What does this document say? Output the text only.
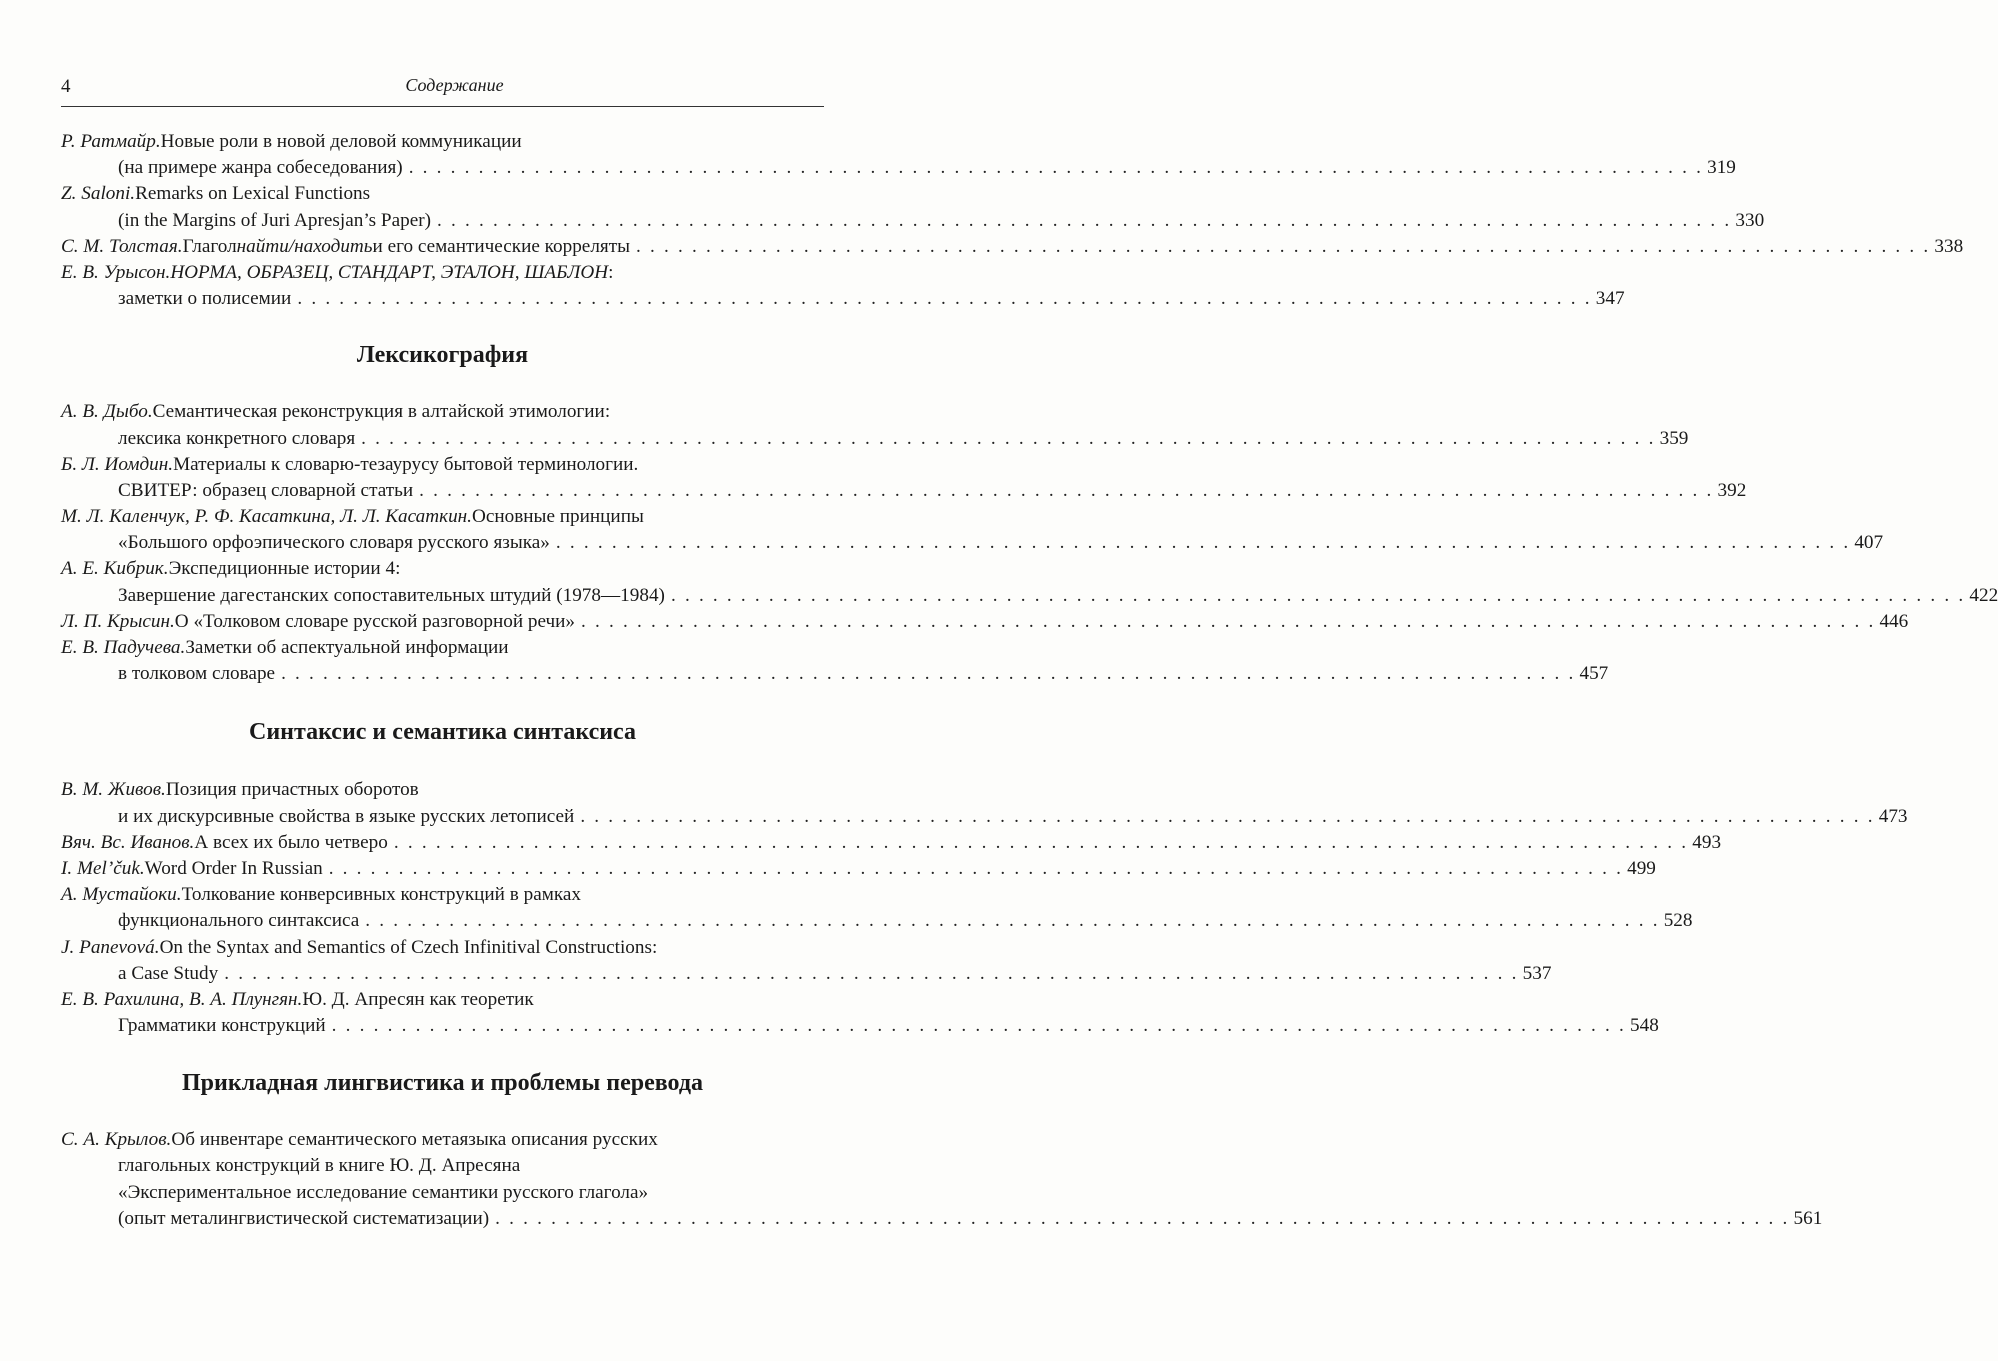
4	Содержание
Р. Ратмайр. Новые роли в новой деловой коммуникации
(на примере жанра собеседования) . . . . . . . . . . . . . . . . . . . . . . . . . . . . . . . . . . . . . . . . . . . . . . . . . . . . . . . . . . . . . . . . . . . . . . . . . . . . . . . . . . . . . . . . . . . . . 319
Z. Saloni. Remarks on Lexical Functions
(in the Margins of Juri Apresjan’s Paper) . . . . . . . . . . . . . . . . . . . . . . . . . . . . . . . . . . . . . . . . . . . . . . . . . . . . . . . . . . . . . . . . . . . . . . . . . . . . . . . . . . . . . . . . . . . . . 330
С. М. Толстая. Глагол найти/находить и его семантические корреляты . . . . . . . . . . . . . . . . . . . . . . . . . . . . . . . . . . . . . . . . . . . . . . . . . . . . . . . . . . . . . . . . . . . . . . . . . . . . . . . . . . . . . . . . . . . . . 338
Е. В. Урысон. НОРМА, ОБРАЗЕЦ, СТАНДАРТ, ЭТАЛОН, ШАБЛОН :
заметки о полисемии . . . . . . . . . . . . . . . . . . . . . . . . . . . . . . . . . . . . . . . . . . . . . . . . . . . . . . . . . . . . . . . . . . . . . . . . . . . . . . . . . . . . . . . . . . . . . 347
Лексикография
А. В. Дыбо. Семантическая реконструкция в алтайской этимологии:
лексика конкретного словаря . . . . . . . . . . . . . . . . . . . . . . . . . . . . . . . . . . . . . . . . . . . . . . . . . . . . . . . . . . . . . . . . . . . . . . . . . . . . . . . . . . . . . . . . . . . . . 359
Б. Л. Иомдин. Материалы к словарю-тезаурусу бытовой терминологии.
СВИТЕР: образец словарной статьи . . . . . . . . . . . . . . . . . . . . . . . . . . . . . . . . . . . . . . . . . . . . . . . . . . . . . . . . . . . . . . . . . . . . . . . . . . . . . . . . . . . . . . . . . . . . . 392
М. Л. Каленчук, Р. Ф. Касаткина, Л. Л. Касаткин. Основные принципы
«Большого орфоэпического словаря русского языка» . . . . . . . . . . . . . . . . . . . . . . . . . . . . . . . . . . . . . . . . . . . . . . . . . . . . . . . . . . . . . . . . . . . . . . . . . . . . . . . . . . . . . . . . . . . . . 407
А. Е. Кибрик. Экспедиционные истории 4:
Завершение дагестанских сопоставительных штудий (1978—1984) . . . . . . . . . . . . . . . . . . . . . . . . . . . . . . . . . . . . . . . . . . . . . . . . . . . . . . . . . . . . . . . . . . . . . . . . . . . . . . . . . . . . . . . . . . . . . 422
Л. П. Крысин. О «Толковом словаре русской разговорной речи» . . . . . . . . . . . . . . . . . . . . . . . . . . . . . . . . . . . . . . . . . . . . . . . . . . . . . . . . . . . . . . . . . . . . . . . . . . . . . . . . . . . . . . . . . . . . . 446
Е. В. Падучева. Заметки об аспектуальной информации
в толковом словаре . . . . . . . . . . . . . . . . . . . . . . . . . . . . . . . . . . . . . . . . . . . . . . . . . . . . . . . . . . . . . . . . . . . . . . . . . . . . . . . . . . . . . . . . . . . . . 457
Синтаксис и семантика синтаксиса
В. М. Живов. Позиция причастных оборотов
и их дискурсивные свойства в языке русских летописей . . . . . . . . . . . . . . . . . . . . . . . . . . . . . . . . . . . . . . . . . . . . . . . . . . . . . . . . . . . . . . . . . . . . . . . . . . . . . . . . . . . . . . . . . . . . . 473
Вяч. Вс. Иванов. А всех их было четверо . . . . . . . . . . . . . . . . . . . . . . . . . . . . . . . . . . . . . . . . . . . . . . . . . . . . . . . . . . . . . . . . . . . . . . . . . . . . . . . . . . . . . . . . . . . . . 493
I. Mel’čuk. Word Order In Russian . . . . . . . . . . . . . . . . . . . . . . . . . . . . . . . . . . . . . . . . . . . . . . . . . . . . . . . . . . . . . . . . . . . . . . . . . . . . . . . . . . . . . . . . . . . . . 499
А. Мустайоки. Толкование конверсивных конструкций в рамках
функционального синтаксиса . . . . . . . . . . . . . . . . . . . . . . . . . . . . . . . . . . . . . . . . . . . . . . . . . . . . . . . . . . . . . . . . . . . . . . . . . . . . . . . . . . . . . . . . . . . . . 528
J. Panevová. On the Syntax and Semantics of Czech Infinitival Constructions:
a Case Study . . . . . . . . . . . . . . . . . . . . . . . . . . . . . . . . . . . . . . . . . . . . . . . . . . . . . . . . . . . . . . . . . . . . . . . . . . . . . . . . . . . . . . . . . . . . . 537
Е. В. Рахилина, В. А. Плунгян. Ю. Д. Апресян как теоретик
Грамматики конструкций . . . . . . . . . . . . . . . . . . . . . . . . . . . . . . . . . . . . . . . . . . . . . . . . . . . . . . . . . . . . . . . . . . . . . . . . . . . . . . . . . . . . . . . . . . . . . 548
Прикладная лингвистика и проблемы перевода
С. А. Крылов. Об инвентаре семантического метаязыка описания русских
глагольных конструкций в книге Ю. Д. Апресяна
«Экспериментальное исследование семантики русского глагола»
(опыт металингвистической систематизации) . . . . . . . . . . . . . . . . . . . . . . . . . . . . . . . . . . . . . . . . . . . . . . . . . . . . . . . . . . . . . . . . . . . . . . . . . . . . . . . . . . . . . . . . . . . . . 561
